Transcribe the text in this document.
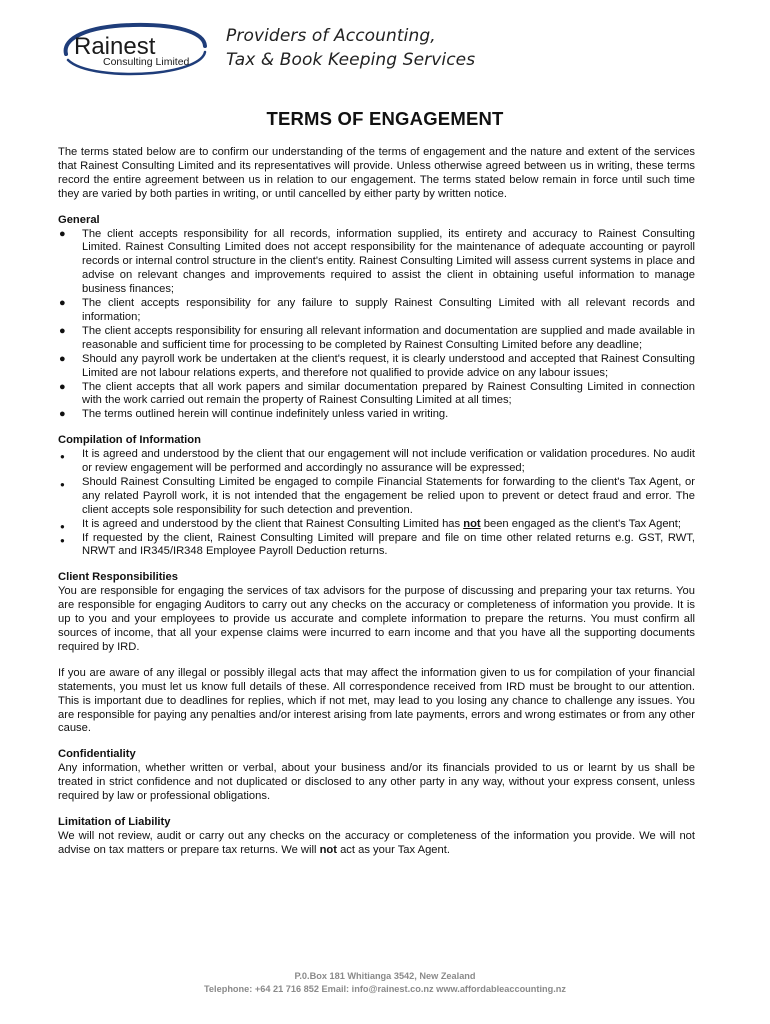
Rainest
Consulting Limited
Providers of Accounting,
Tax & Book Keeping Services
TERMS OF ENGAGEMENT

The terms stated below are to confirm our understanding of the terms of engagement and the nature and extent of the services that Rainest Consulting Limited and its representatives will provide. Unless otherwise agreed between us in writing, these terms record the entire agreement between us in relation to our engagement. The terms stated below remain in force until such time they are varied by both parties in writing, or until cancelled by either party by written notice.

General
● The client accepts responsibility for all records, information supplied, its entirety and accuracy to Rainest Consulting Limited. Rainest Consulting Limited does not accept responsibility for the maintenance of adequate accounting or payroll records or internal control structure in the client's entity. Rainest Consulting Limited will assess current systems in place and advise on relevant changes and improvements required to assist the client in obtaining useful information to manage business finances;
● The client accepts responsibility for any failure to supply Rainest Consulting Limited with all relevant records and information;
● The client accepts responsibility for ensuring all relevant information and documentation are supplied and made available in reasonable and sufficient time for processing to be completed by Rainest Consulting Limited before any deadline;
● Should any payroll work be undertaken at the client's request, it is clearly understood and accepted that Rainest Consulting Limited are not labour relations experts, and therefore not qualified to provide advice on any labour issues;
● The client accepts that all work papers and similar documentation prepared by Rainest Consulting Limited in connection with the work carried out remain the property of Rainest Consulting Limited at all times;
● The terms outlined herein will continue indefinitely unless varied in writing.
Compilation of Information
● It is agreed and understood by the client that our engagement will not include verification or validation procedures. No audit or review engagement will be performed and accordingly no assurance will be expressed;
● Should Rainest Consulting Limited be engaged to compile Financial Statements for forwarding to the client's Tax Agent, or any related Payroll work, it is not intended that the engagement be relied upon to prevent or detect fraud and error. The client accepts sole responsibility for such detection and prevention.
● It is agreed and understood by the client that Rainest Consulting Limited has not been engaged as the client's Tax Agent;
● If requested by the client, Rainest Consulting Limited will prepare and file on time other related returns e.g. GST, RWT, NRWT and IR345/IR348 Employee Payroll Deduction returns.
Client Responsibilities

You are responsible for engaging the services of tax advisors for the purpose of discussing and preparing your tax returns. You are responsible for engaging Auditors to carry out any checks on the accuracy or completeness of information you provide. It is up to you and your employees to provide us accurate and complete information to prepare the returns. You must confirm all sources of income, that all your expense claims were incurred to earn income and that you have all the supporting documents required by IRD.

If you are aware of any illegal or possibly illegal acts that may affect the information given to us for compilation of your financial statements, you must let us know full details of these. All correspondence received from IRD must be brought to our attention. This is important due to deadlines for replies, which if not met, may lead to you losing any chance to challenge any issues. You are responsible for paying any penalties and/or interest arising from late payments, errors and wrong estimates or from any other cause.

Confidentiality

Any information, whether written or verbal, about your business and/or its financials provided to us or learnt by us shall be treated in strict confidence and not duplicated or disclosed to any other party in any way, without your express consent, unless required by law or professional obligations.

Limitation of Liability

We will not review, audit or carry out any checks on the accuracy or completeness of the information you provide. We will not advise on tax matters or prepare tax returns. We will not act as your Tax Agent.

P.0.Box 181 Whitianga 3542, New Zealand
Telephone: +64 21 716 852 Email: info@rainest.co.nz www.affordableaccounting.nz
